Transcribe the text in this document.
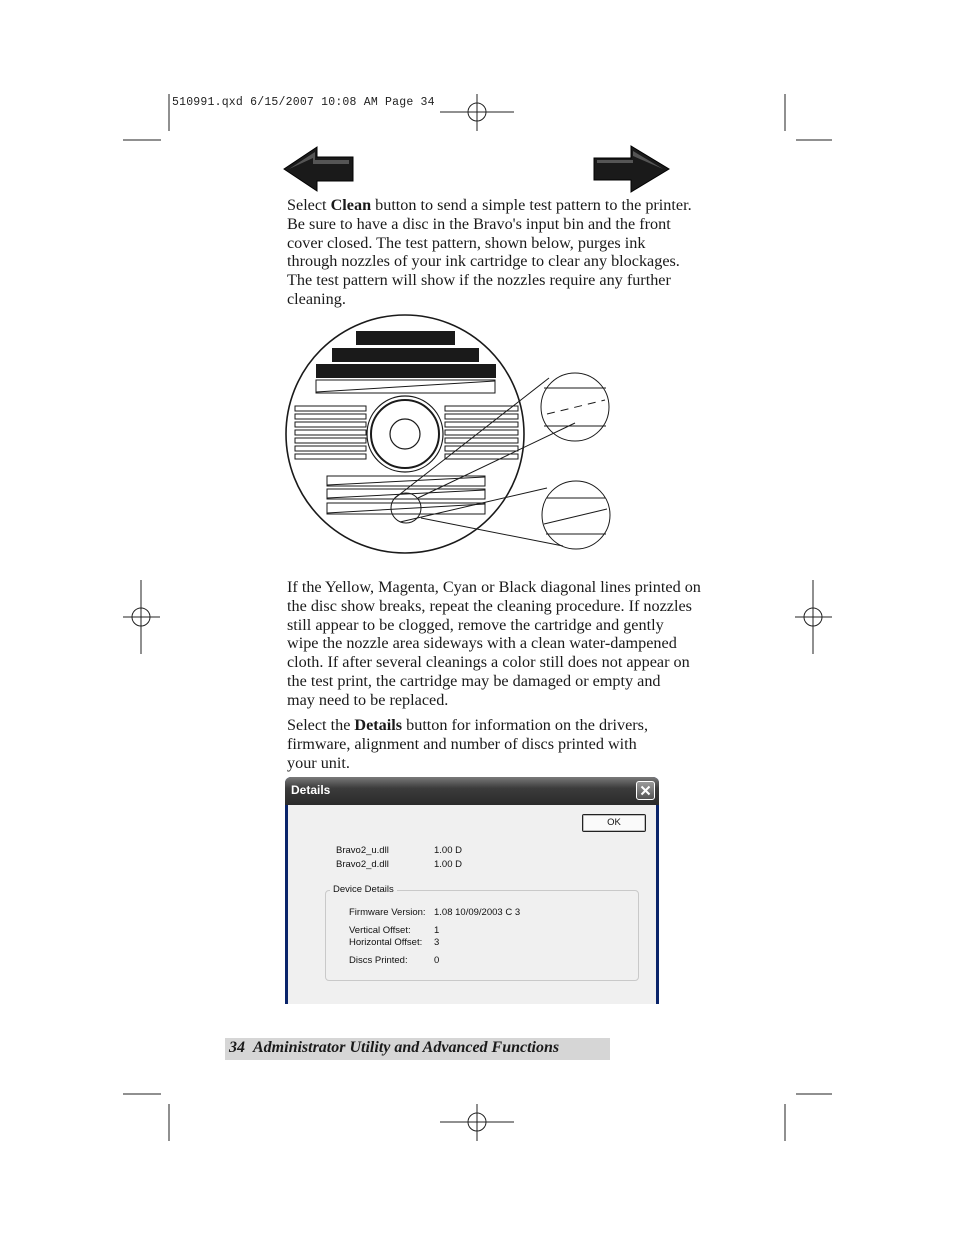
510991.qxd 6/15/2007 10:08 AM Page 34

Select Clean button to send a simple test pattern to the printer.
Be sure to have a disc in the Bravo's input bin and the front
cover closed. The test pattern, shown below, purges ink
through nozzles of your ink cartridge to clear any blockages.
The test pattern will show if the nozzles require any further
cleaning.

If the Yellow, Magenta, Cyan or Black diagonal lines printed on
the disc show breaks, repeat the cleaning procedure. If nozzles
still appear to be clogged, remove the cartridge and gently
wipe the nozzle area sideways with a clean water-dampened
cloth. If after several cleanings a color still does not appear on
the test print, the cartridge may be damaged or empty and
may need to be replaced.

Select the Details button for information on the drivers,
firmware, alignment and number of discs printed with
your unit.

Details
OK
Bravo2_u.dll	1.00 D
Bravo2_d.dll	1.00 D
Device Details
Firmware Version: 1.08 10/09/2003 C 3
Vertical Offset: 1
Horizontal Offset: 3
Discs Printed:	0
34 Administrator Utility and Advanced Functions
